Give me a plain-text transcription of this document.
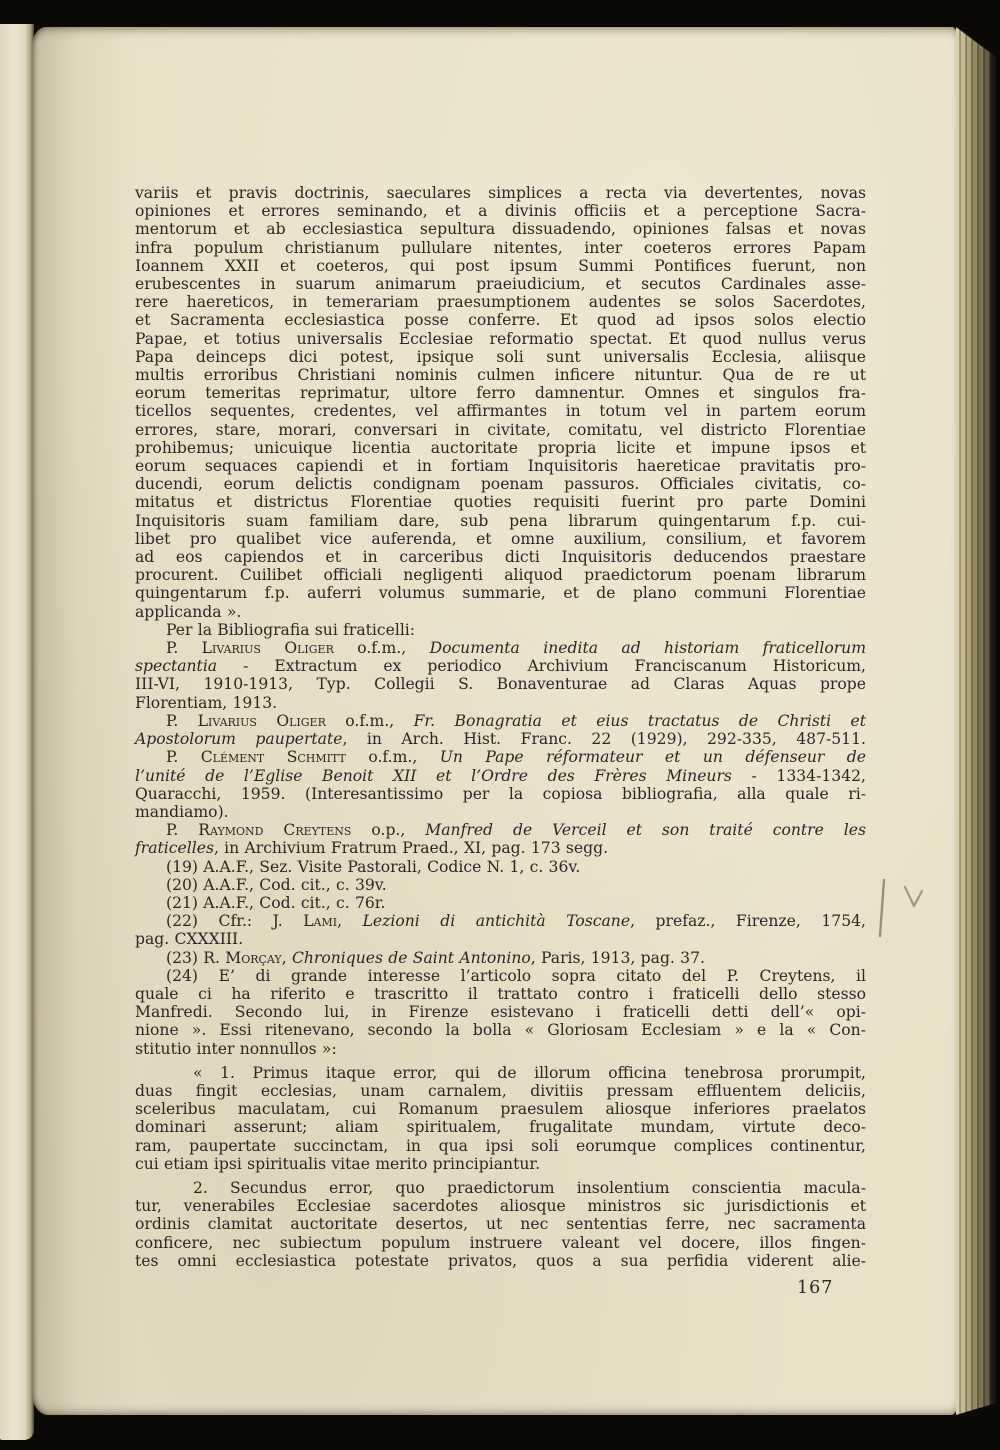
variis et pravis doctrinis, saeculares simplices a recta via devertentes, novas
opiniones et errores seminando, et a divinis officiis et a perceptione Sacra-
mentorum et ab ecclesiastica sepultura dissuadendo, opiniones falsas et novas
infra populum christianum pullulare nitentes, inter coeteros errores Papam
Ioannem XXII et coeteros, qui post ipsum Summi Pontifices fuerunt, non
erubescentes in suarum animarum praeiudicium, et secutos Cardinales asse-
rere haereticos, in temerariam praesumptionem audentes se solos Sacerdotes,
et Sacramenta ecclesiastica posse conferre. Et quod ad ipsos solos electio
Papae, et totius universalis Ecclesiae reformatio spectat. Et quod nullus verus
Papa deinceps dici potest, ipsique soli sunt universalis Ecclesia, aliisque
multis erroribus Christiani nominis culmen inficere nituntur. Qua de re ut
eorum temeritas reprimatur, ultore ferro damnentur. Omnes et singulos fra-
ticellos sequentes, credentes, vel affirmantes in totum vel in partem eorum
errores, stare, morari, conversari in civitate, comitatu, vel districto Florentiae
prohibemus; unicuique licentia auctoritate propria licite et impune ipsos et
eorum sequaces capiendi et in fortiam Inquisitoris haereticae pravitatis pro-
ducendi, eorum delictis condignam poenam passuros. Officiales civitatis, co-
mitatus et districtus Florentiae quoties requisiti fuerint pro parte Domini
Inquisitoris suam familiam dare, sub pena librarum quingentarum f.p. cui-
libet pro qualibet vice auferenda, et omne auxilium, consilium, et favorem
ad eos capiendos et in carceribus dicti Inquisitoris deducendos praestare
procurent. Cuilibet officiali negligenti aliquod praedictorum poenam librarum
quingentarum f.p. auferri volumus summarie, et de plano communi Florentiae
applicanda ».
Per la Bibliografia sui fraticelli:
P. Livarius Oliger o.f.m., Documenta inedita ad historiam fraticellorum
spectantia - Extractum ex periodico Archivium Franciscanum Historicum,
III-VI, 1910-1913, Typ. Collegii S. Bonaventurae ad Claras Aquas prope
Florentiam, 1913.
P. Livarius Oliger o.f.m., Fr. Bonagratia et eius tractatus de Christi et
Apostolorum paupertate, in Arch. Hist. Franc. 22 (1929), 292-335, 487-511.
P. Clément Schmitt o.f.m., Un Pape réformateur et un défenseur de
l’unité de l’Eglise Benoit XII et l’Ordre des Frères Mineurs - 1334-1342,
Quaracchi, 1959. (Interesantissimo per la copiosa bibliografia, alla quale ri-
mandiamo).
P. Raymond Creytens o.p., Manfred de Verceil et son traité contre les
fraticelles, in Archivium Fratrum Praed., XI, pag. 173 segg.
(19) A.A.F., Sez. Visite Pastorali, Codice N. 1, c. 36v.
(20) A.A.F., Cod. cit., c. 39v.
(21) A.A.F., Cod. cit., c. 76r.
(22) Cfr.: J. Lami, Lezioni di antichità Toscane, prefaz., Firenze, 1754,
pag. CXXXIII.
(23) R. Morçay, Chroniques de Saint Antonino, Paris, 1913, pag. 37.
(24) E’ di grande interesse l’articolo sopra citato del P. Creytens, il
quale ci ha riferito e trascritto il trattato contro i fraticelli dello stesso
Manfredi. Secondo lui, in Firenze esistevano i fraticelli detti dell’« opi-
nione ». Essi ritenevano, secondo la bolla « Gloriosam Ecclesiam » e la « Con-
stitutio inter nonnullos »:
« 1. Primus itaque error, qui de illorum officina tenebrosa prorumpit,
duas fingit ecclesias, unam carnalem, divitiis pressam effluentem deliciis,
sceleribus maculatam, cui Romanum praesulem aliosque inferiores praelatos
dominari asserunt; aliam spiritualem, frugalitate mundam, virtute deco-
ram, paupertate succinctam, in qua ipsi soli eorumque complices continentur,
cui etiam ipsi spiritualis vitae merito principiantur.
2. Secundus error, quo praedictorum insolentium conscientia macula-
tur, venerabiles Ecclesiae sacerdotes aliosque ministros sic jurisdictionis et
ordinis clamitat auctoritate desertos, ut nec sententias ferre, nec sacramenta
conficere, nec subiectum populum instruere valeant vel docere, illos fingen-
tes omni ecclesiastica potestate privatos, quos a sua perfidia viderent alie-
167
